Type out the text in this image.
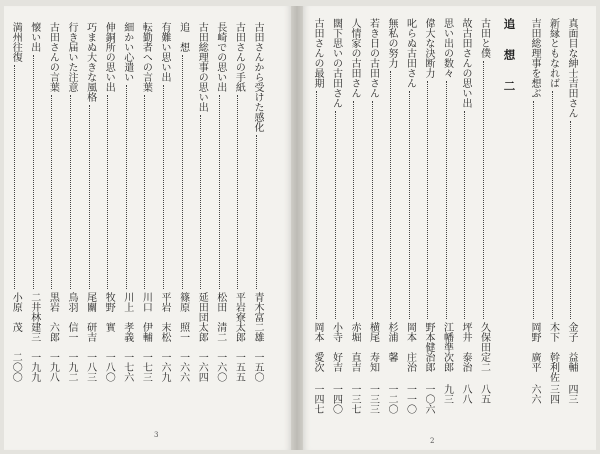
3
古田さんから受けた感化
青木富二雄
一五〇
古田さんの手紙
平岩寮太郎
一五五
長崎での思い出
松田　清二
一六〇
古田総理事の思い出
延田団太郎
一六四
追　想
篠原　照一
一六六
有難い思い出
平岩　末松
一六九
転勤者への言葉
川口　伊輔
一七三
細かい心遣い
川上　孝義
一七六
伸銅所の思い出
牧野　實
一八〇
巧まぬ大きな風格
尾關　研吉
一八三
行き届いた注意
鳥羽　信一
一九二
古田さんの言葉
黒岩　六郎
一九八
懐い出
二井林建三
一九九
満州往復
小原　茂
二〇〇
2
真面目な紳士吉田さん
金子　益輔
四三
新縁ともなれば
木下　幹利佐
三四
吉田総理事を想ぶ
岡野　廣平
六六
追　想　二
古田と僕
久保田定二
八五
故古田さんの思い出
坪井　泰治
八八
思い出の数々
江幡準次郎
九三
偉大な決断力
野本健治郎
一〇六
叱らぬ古田さん
岡本　庄治
一一〇
無私の努力
杉浦　馨
一二〇
若き日の古田さん
横尾　寿知
一三三
人情家の古田さん
赤堀　直吉
一三七
闊下思いの古田さん
小寺　好吉
一四〇
古田さんの最期
岡本　愛次
一四七
